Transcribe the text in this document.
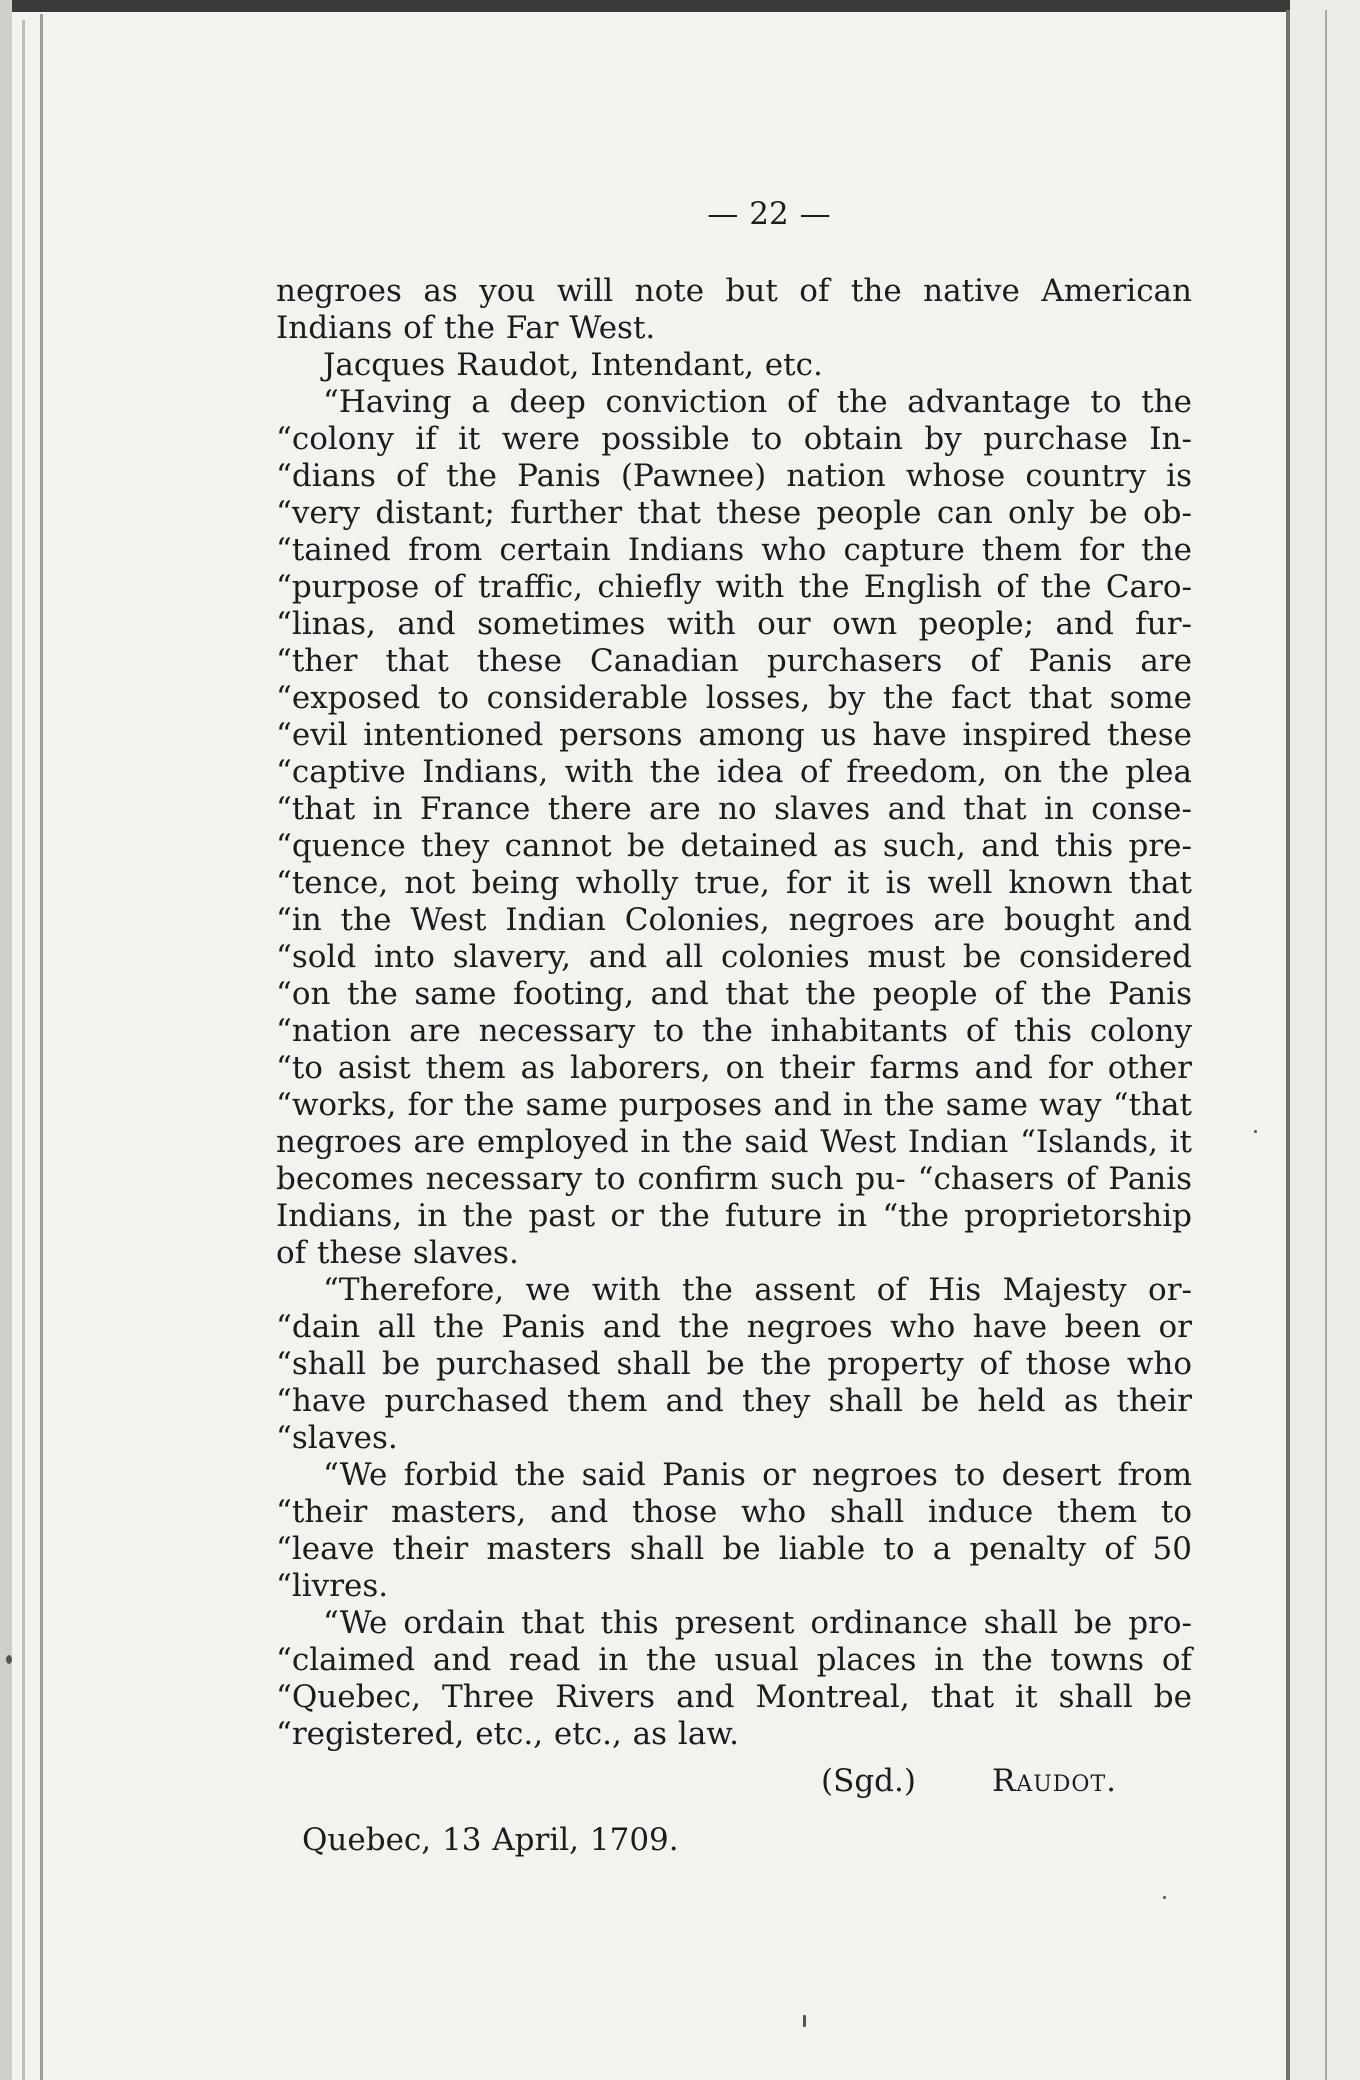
— 22 —

negroes as you will note but of the native American Indians of the Far West.

Jacques Raudot, Intendant, etc.

“Having a deep conviction of the advantage to the “colony if it were possible to obtain by purchase In- “dians of the Panis (Pawnee) nation whose country is “very distant; further that these people can only be ob- “tained from certain Indians who capture them for the “purpose of traffic, chiefly with the English of the Caro- “linas, and sometimes with our own people; and fur- “ther that these Canadian purchasers of Panis are “exposed to considerable losses, by the fact that some “evil intentioned persons among us have inspired these “captive Indians, with the idea of freedom, on the plea “that in France there are no slaves and that in conse- “quence they cannot be detained as such, and this pre- “tence, not being wholly true, for it is well known that “in the West Indian Colonies, negroes are bought and “sold into slavery, and all colonies must be considered “on the same footing, and that the people of the Panis “nation are necessary to the inhabitants of this colony “to asist them as laborers, on their farms and for other “works, for the same purposes and in the same way “that negroes are employed in the said West Indian “Islands, it becomes necessary to confirm such pu- “chasers of Panis Indians, in the past or the future in “the proprietorship of these slaves.

“Therefore, we with the assent of His Majesty or- “dain all the Panis and the negroes who have been or “shall be purchased shall be the property of those who “have purchased them and they shall be held as their “slaves.

“We forbid the said Panis or negroes to desert from “their masters, and those who shall induce them to “leave their masters shall be liable to a penalty of 50 “livres.

“We ordain that this present ordinance shall be pro- “claimed and read in the usual places in the towns of “Quebec, Three Rivers and Montreal, that it shall be “registered, etc., etc., as law.

(Sgd.) Raudot.
Quebec, 13 April, 1709.
